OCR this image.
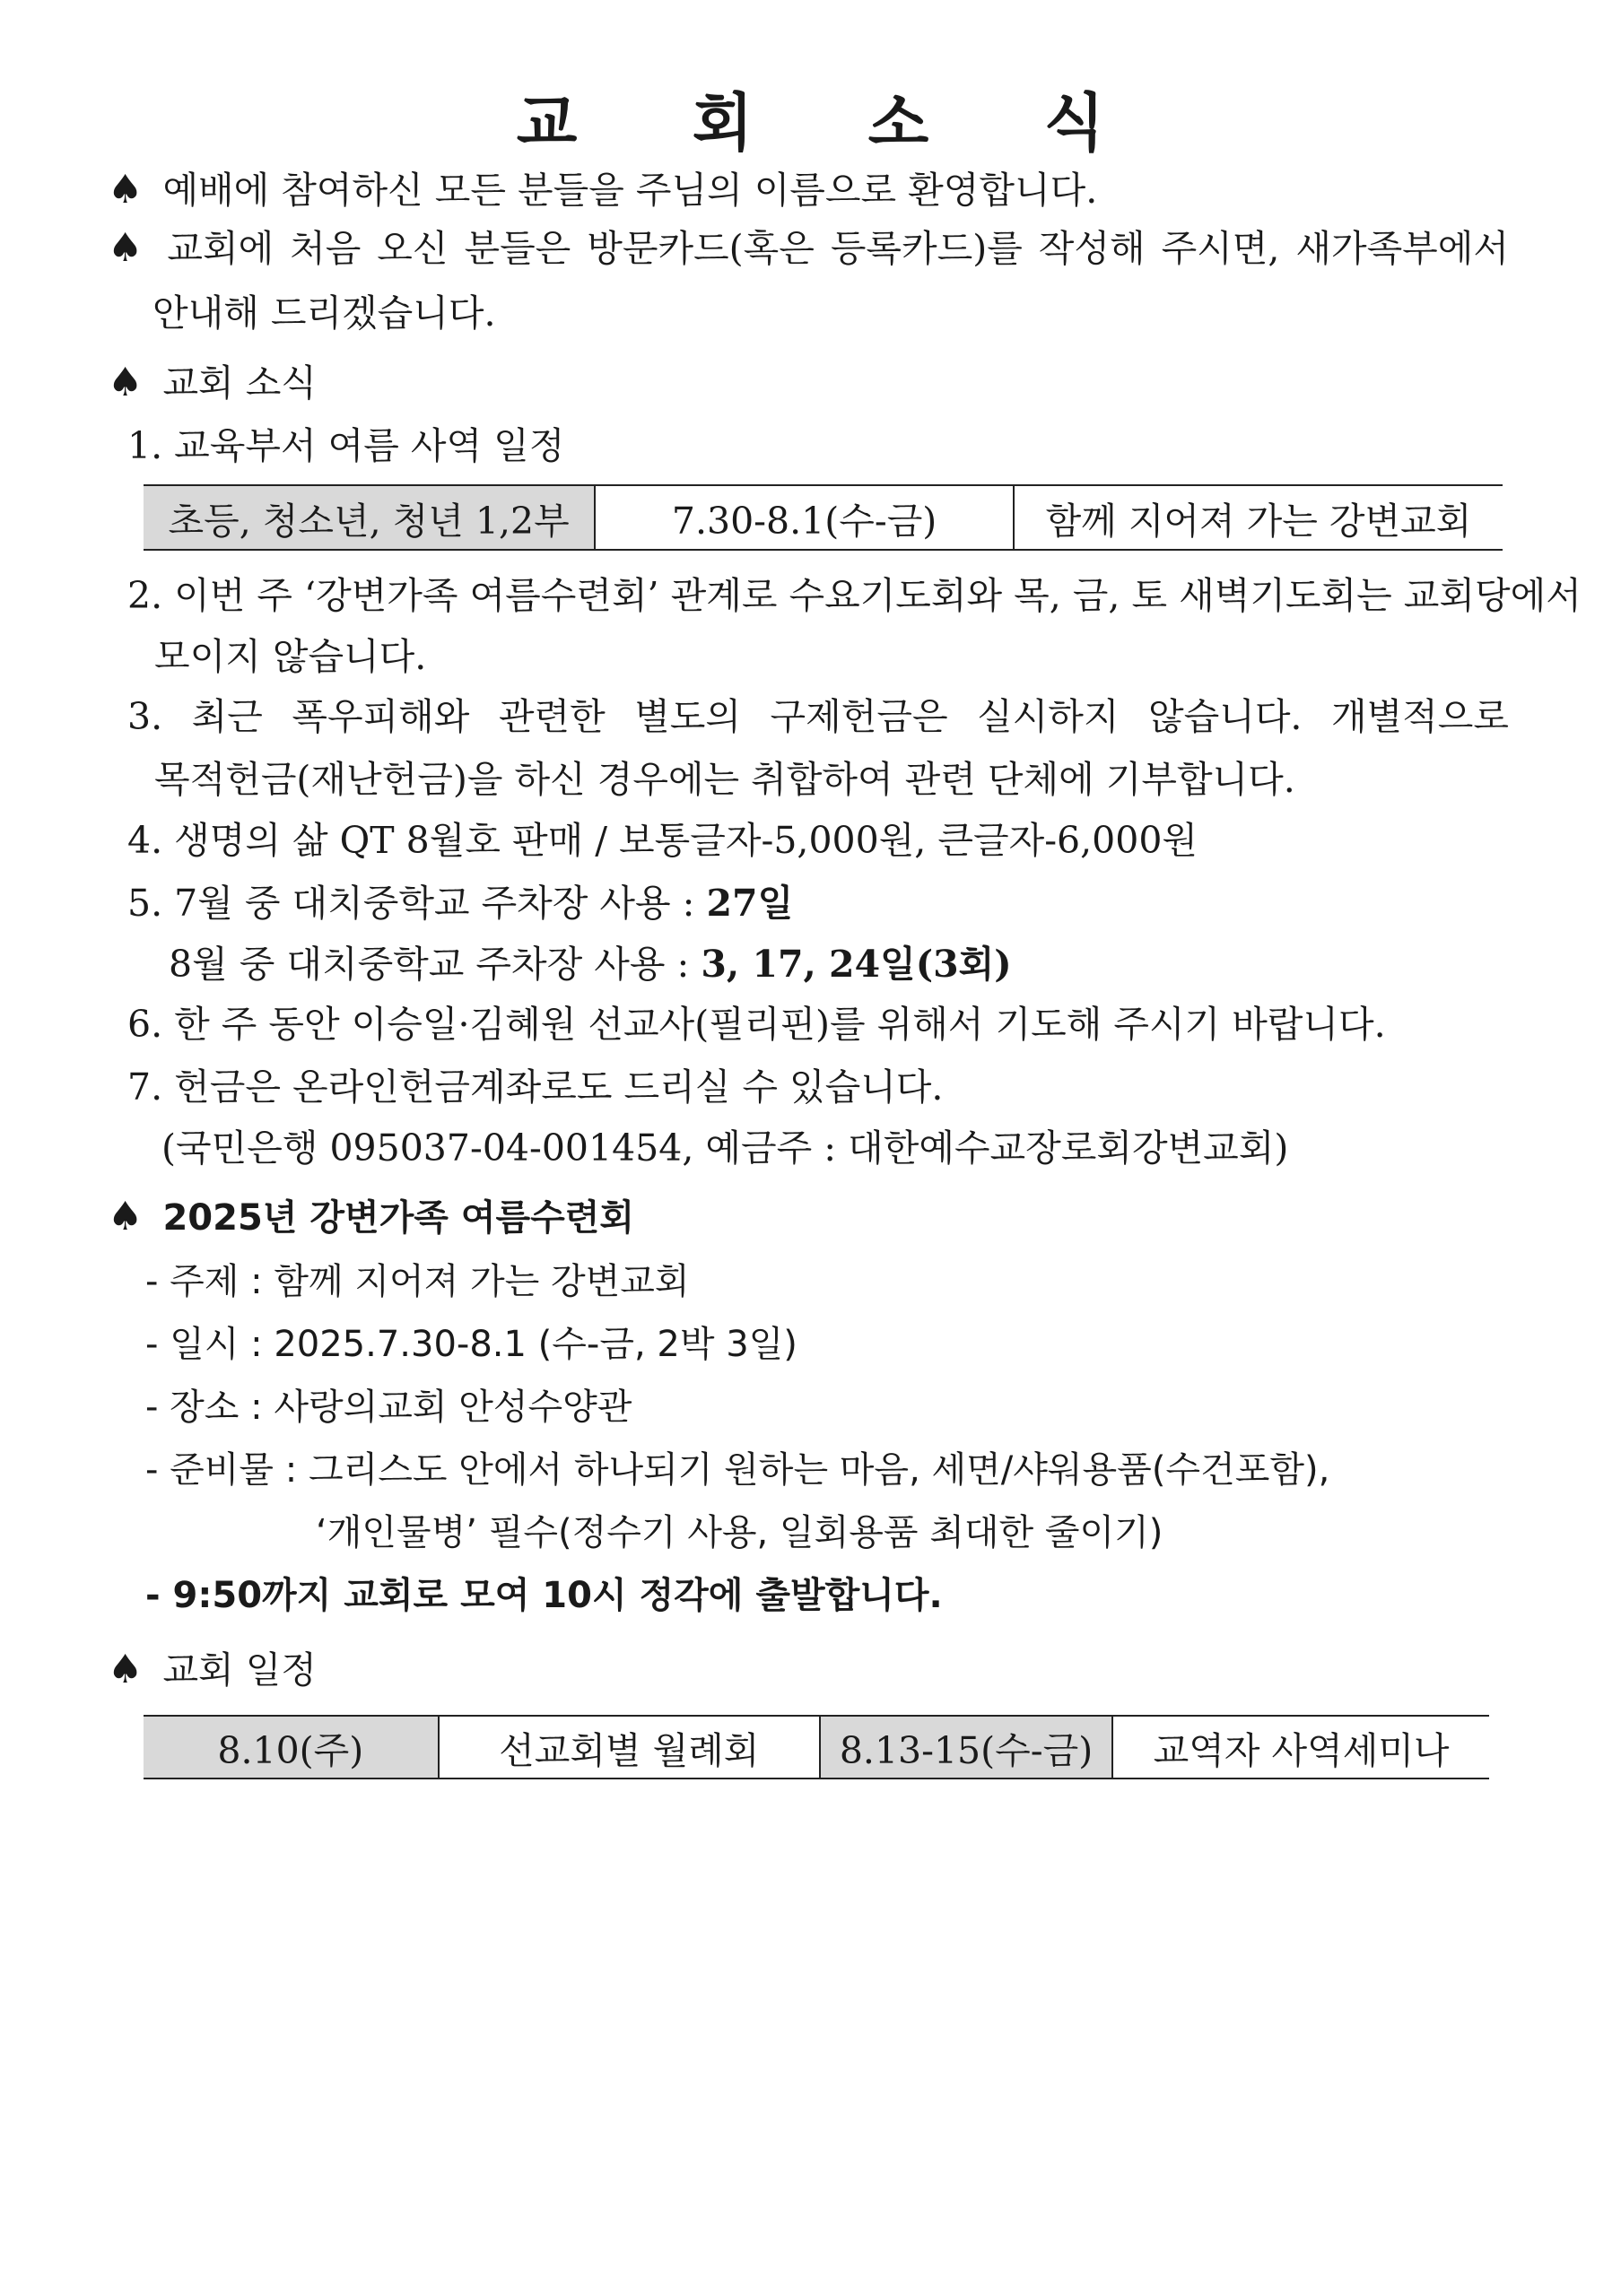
교 회 소 식
♠ 예배에 참여하신 모든 분들을 주님의 이름으로 환영합니다.
♠ 교회에 처음 오신 분들은 방문카드(혹은 등록카드)를 작성해 주시면, 새가족부에서
안내해 드리겠습니다.
♠ 교회 소식
1. 교육부서 여름 사역 일정
초등, 청소년, 청년 1,2부	7.30-8.1(수-금)	함께 지어져 가는 강변교회
2. 이번 주 ‘강변가족 여름수련회’ 관계로 수요기도회와 목, 금, 토 새벽기도회는 교회당에서
모이지 않습니다.
3. 최근 폭우피해와 관련한 별도의 구제헌금은 실시하지 않습니다. 개별적으로
목적헌금(재난헌금)을 하신 경우에는 취합하여 관련 단체에 기부합니다.
4. 생명의 삶 QT 8월호 판매 / 보통글자-5,000원, 큰글자-6,000원
5. 7월 중 대치중학교 주차장 사용 : 27일
8월 중 대치중학교 주차장 사용 : 3, 17, 24일(3회)
6. 한 주 동안 이승일·김혜원 선교사(필리핀)를 위해서 기도해 주시기 바랍니다.
7. 헌금은 온라인헌금계좌로도 드리실 수 있습니다.
(국민은행 095037-04-001454, 예금주 : 대한예수교장로회강변교회)
♠ 2025년 강변가족 여름수련회
- 주제 : 함께 지어져 가는 강변교회
- 일시 : 2025.7.30-8.1 (수-금, 2박 3일)
- 장소 : 사랑의교회 안성수양관
- 준비물 : 그리스도 안에서 하나되기 원하는 마음, 세면/샤워용품(수건포함),
‘개인물병’ 필수(정수기 사용, 일회용품 최대한 줄이기)
- 9:50까지 교회로 모여 10시 정각에 출발합니다.
♠ 교회 일정
8.10(주)	선교회별 월례회	8.13-15(수-금)	교역자 사역세미나
